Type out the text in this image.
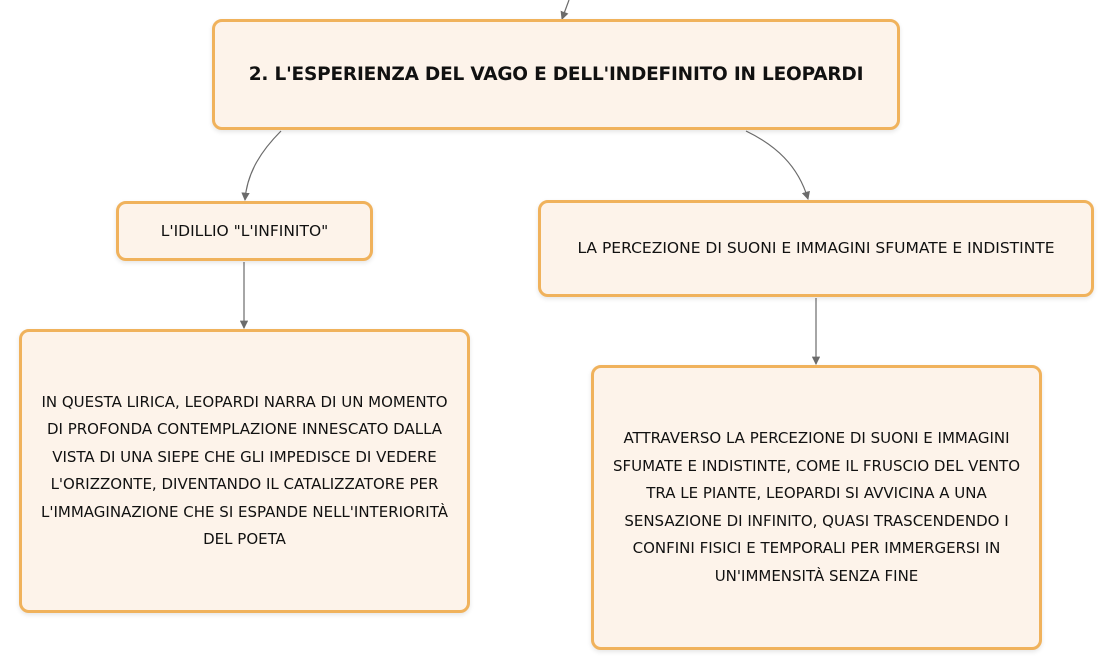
2. L'ESPERIENZA DEL VAGO E DELL'INDEFINITO IN LEOPARDI
L'IDILLIO "L'INFINITO"
LA PERCEZIONE DI SUONI E IMMAGINI SFUMATE E INDISTINTE
IN QUESTA LIRICA, LEOPARDI NARRA DI UN MOMENTO DI PROFONDA CONTEMPLAZIONE INNESCATO DALLA VISTA DI UNA SIEPE CHE GLI IMPEDISCE DI VEDERE L'ORIZZONTE, DIVENTANDO IL CATALIZZATORE PER L'IMMAGINAZIONE CHE SI ESPANDE NELL'INTERIORITÀ DEL POETA
ATTRAVERSO LA PERCEZIONE DI SUONI E IMMAGINI SFUMATE E INDISTINTE, COME IL FRUSCIO DEL VENTO TRA LE PIANTE, LEOPARDI SI AVVICINA A UNA SENSAZIONE DI INFINITO, QUASI TRASCENDENDO I CONFINI FISICI E TEMPORALI PER IMMERGERSI IN UN'IMMENSITÀ SENZA FINE
